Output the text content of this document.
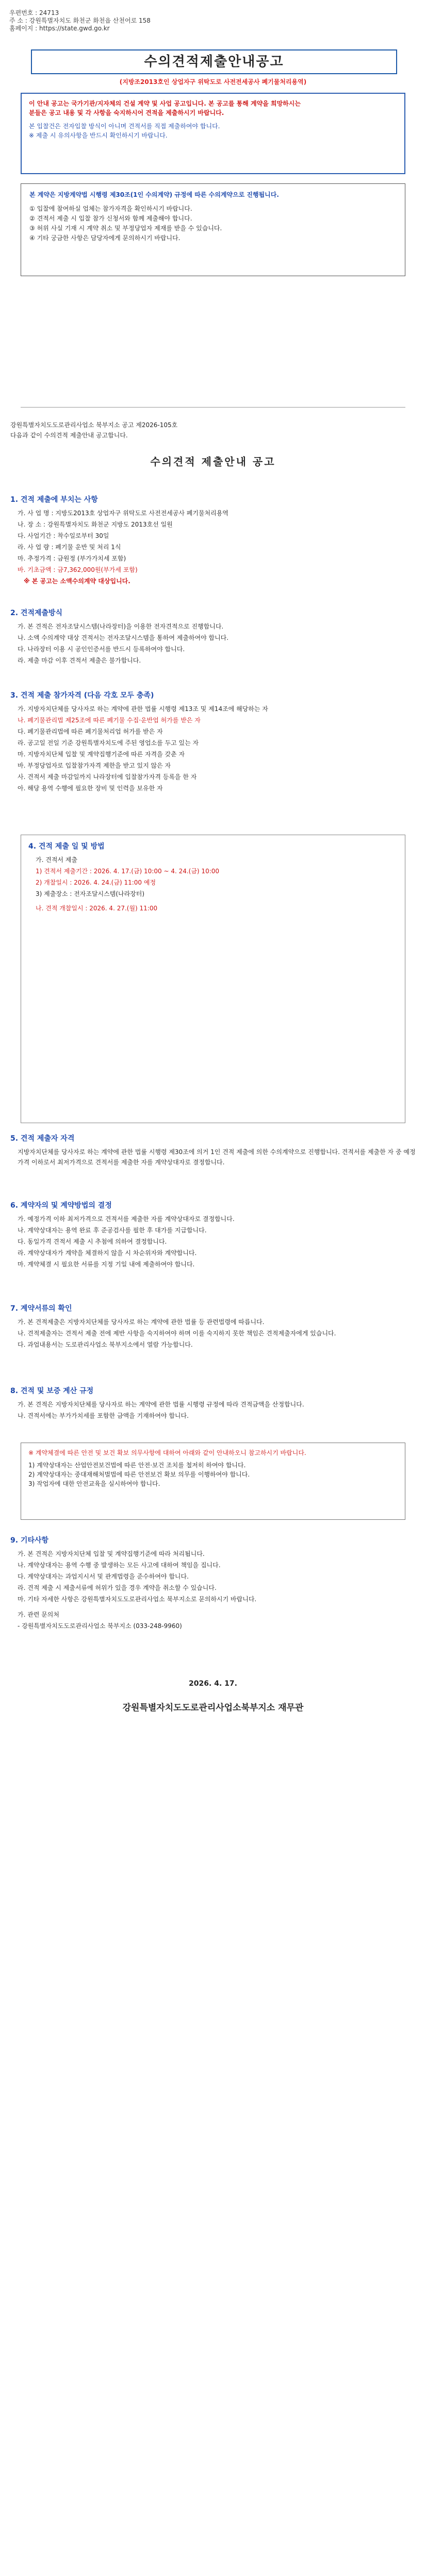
우편번호 : 24713
주 소 : 강원특별자치도 화천군 화천읍 산천어로 158
홈페이지 : https://state.gwd.go.kr
수의견적제출안내공고
(지방조2013호인 상업자구 위탁도로 사전전세공사 폐기물처리용역)

이 안내 공고는 국가기관/지자체의 건설 계약 및 사업 공고입니다. 본 공고를 통해 계약을 희망하시는

분들은 공고 내용 및 각 사항을 숙지하시어 견적을 제출하시기 바랍니다.

본 입찰건은 전자입찰 방식이 아니며 견적서를 직접 제출하여야 합니다.

※ 제출 시 유의사항을 반드시 확인하시기 바랍니다.

본 계약은 지방계약법 시행령 제30조(1인 수의계약) 규정에 따른 수의계약으로 진행됩니다.
① 입찰에 참여하실 업체는 참가자격을 확인하시기 바랍니다.
② 견적서 제출 시 입찰 참가 신청서와 함께 제출해야 합니다.
③ 허위 사실 기재 시 계약 취소 및 부정당업자 제재를 받을 수 있습니다.
④ 기타 궁금한 사항은 담당자에게 문의하시기 바랍니다.
강원특별자치도도로관리사업소 북부지소 공고 제2026-105호
다음과 같이 수의견적 제출안내 공고합니다.
수의견적 제출안내 공고
1. 견적 제출에 부치는 사항
가. 사 업 명 : 지방도2013호 상업자구 위탁도로 사전전세공사 폐기물처리용역
나. 장 소 : 강원특별자치도 화천군 지방도 2013호선 일원
다. 사업기간 : 착수일로부터 30일
라. 사 업 량 : 폐기물 운반 및 처리 1식
마. 추정가격 : 금원정 (부가가치세 포함)
바. 기초금액 : 금7,362,000원(부가세 포함)
※ 본 공고는 소액수의계약 대상입니다.
2. 견적제출방식
가. 본 견적은 전자조달시스템(나라장터)을 이용한 전자견적으로 진행합니다.
나. 소액 수의계약 대상 견적서는 전자조달시스템을 통하여 제출하여야 합니다.
다. 나라장터 이용 시 공인인증서를 반드시 등록하여야 합니다.
라. 제출 마감 이후 견적서 제출은 불가합니다.
3. 견적 제출 참가자격 (다음 각호 모두 충족)
가. 지방자치단체를 당사자로 하는 계약에 관한 법률 시행령 제13조 및 제14조에 해당하는 자
나. 폐기물관리법 제25조에 따른 폐기물 수집·운반업 허가를 받은 자
다. 폐기물관리법에 따른 폐기물처리업 허가를 받은 자
라. 공고일 전일 기준 강원특별자치도에 주된 영업소를 두고 있는 자
마. 지방자치단체 입찰 및 계약집행기준에 따른 자격을 갖춘 자
바. 부정당업자로 입찰참가자격 제한을 받고 있지 않은 자
사. 견적서 제출 마감일까지 나라장터에 입찰참가자격 등록을 한 자
아. 해당 용역 수행에 필요한 장비 및 인력을 보유한 자
4. 견적 제출 일 및 방법
가. 견적서 제출
1) 견적서 제출기간 : 2026. 4. 17.(금) 10:00 ~ 4. 24.(금) 10:00
2) 개찰일시 : 2026. 4. 24.(금) 11:00 예정
3) 제출장소 : 전자조달시스템(나라장터)
나. 견적 개찰일시 : 2026. 4. 27.(월) 11:00
5. 견적 제출자 자격
지방자치단체를 당사자로 하는 계약에 관한 법률 시행령 제30조에 의거 1인 견적 제출에 의한 수의계약으로 진행합니다. 견적서를 제출한 자 중 예정가격 이하로서 최저가격으로 견적서를 제출한 자를 계약상대자로 결정합니다.
6. 계약자의 및 계약방법의 결정
가. 예정가격 이하 최저가격으로 견적서를 제출한 자를 계약상대자로 결정합니다.
나. 계약상대자는 용역 완료 후 준공검사를 필한 후 대가를 지급합니다.
다. 동일가격 견적서 제출 시 추첨에 의하여 결정합니다.
라. 계약상대자가 계약을 체결하지 않을 시 차순위자와 계약합니다.
마. 계약체결 시 필요한 서류를 지정 기일 내에 제출하여야 합니다.
7. 계약서류의 확인
가. 본 견적제출은 지방자치단체를 당사자로 하는 계약에 관한 법률 등 관련법령에 따릅니다.
나. 견적제출자는 견적서 제출 전에 제반 사항을 숙지하여야 하며 이를 숙지하지 못한 책임은 견적제출자에게 있습니다.
다. 과업내용서는 도로관리사업소 북부지소에서 열람 가능합니다.
8. 견적 및 보증 계산 규정
가. 본 견적은 지방자치단체를 당사자로 하는 계약에 관한 법률 시행령 규정에 따라 견적금액을 산정합니다.
나. 견적서에는 부가가치세를 포함한 금액을 기재하여야 합니다.
※ 계약체결에 따른 안전 및 보건 확보 의무사항에 대하여 아래와 같이 안내하오니 참고하시기 바랍니다.
1) 계약상대자는 산업안전보건법에 따른 안전·보건 조치를 철저히 하여야 합니다.
2) 계약상대자는 중대재해처벌법에 따른 안전보건 확보 의무를 이행하여야 합니다.
3) 작업자에 대한 안전교육을 실시하여야 합니다.
9. 기타사항
가. 본 견적은 지방자치단체 입찰 및 계약집행기준에 따라 처리됩니다.
나. 계약상대자는 용역 수행 중 발생하는 모든 사고에 대하여 책임을 집니다.
다. 계약상대자는 과업지시서 및 관계법령을 준수하여야 합니다.
라. 견적 제출 시 제출서류에 허위가 있을 경우 계약을 취소할 수 있습니다.
마. 기타 자세한 사항은 강원특별자치도도로관리사업소 북부지소로 문의하시기 바랍니다.
가. 관련 문의처
- 강원특별자치도도로관리사업소 북부지소 (033-248-9960)
2026. 4. 17.
강원특별자치도도로관리사업소북부지소 재무관
